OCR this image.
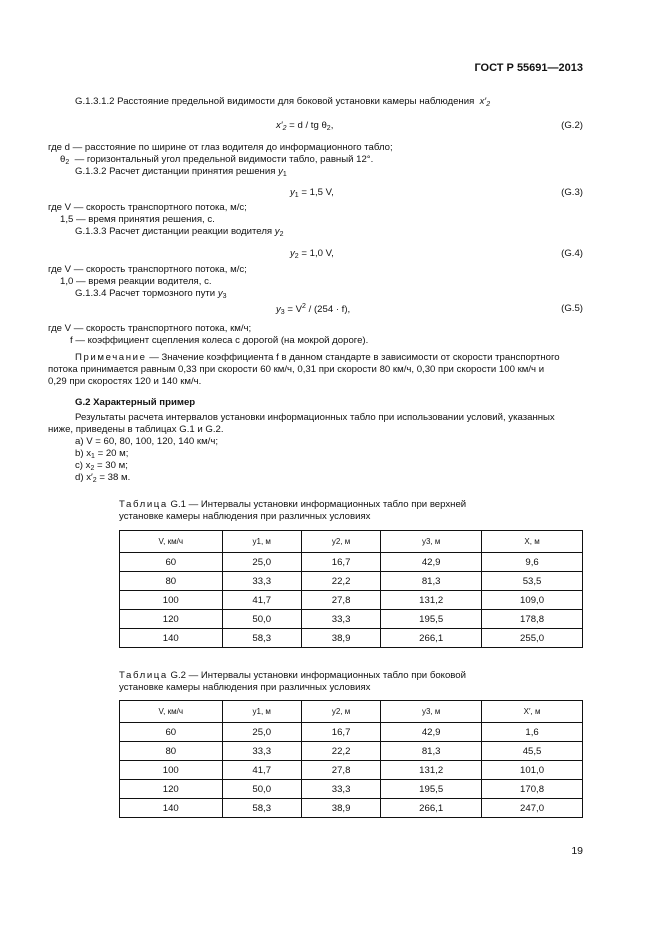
ГОСТ Р 55691—2013
G.1.3.1.2 Расстояние предельной видимости для боковой установки камеры наблюдения  $x'_2$
$x'_2 = d$ / tg $\theta_2$,	(G.2)
где d — расстояние по ширине от глаз водителя до информационного табло;
$\theta_2$ — горизонтальный угол предельной видимости табло, равный 12°.
G.1.3.2 Расчет дистанции принятия решения $y_1$
$y_1 = 1,5$ V,	(G.3)
где V — скорость транспортного потока, м/с;
1,5 — время принятия решения, с.
G.1.3.3 Расчет дистанции реакции водителя $y_2$
$y_2 = 1,0$ V,	(G.4)
где V — скорость транспортного потока, м/с;
1,0 — время реакции водителя, с.
G.1.3.4 Расчет тормозного пути $y_3$
$y_3 = V^2 / (254 \cdot f)$,	(G.5)
где V — скорость транспортного потока, км/ч;
f — коэффициент сцепления колеса с дорогой (на мокрой дороге).
Примечание — Значение коэффициента f в данном стандарте в зависимости от скорости транспортного
потока принимается равным 0,33 при скорости 60 км/ч, 0,31 при скорости 80 км/ч, 0,30 при скорости 100 км/ч и
0,29 при скоростях 120 и 140 км/ч.
G.2 Характерный пример
Результаты расчета интервалов установки информационных табло при использовании условий, указанных
ниже, приведены в таблицах G.1 и G.2.
a) V = 60, 80, 100, 120, 140 км/ч;
b) $x_1 = 20$ м;
c) $x_2 = 30$ м;
d) $x'_2 = 38$ м.
Таблица G.1 — Интервалы установки информационных табло при верхней
установке камеры наблюдения при различных условиях
V, км/ч	y1, м	y2, м	y3, м	X, м
60	25,0	16,7	42,9	9,6
80	33,3	22,2	81,3	53,5
100	41,7	27,8	131,2	109,0
120	50,0	33,3	195,5	178,8
140	58,3	38,9	266,1	255,0
Таблица G.2 — Интервалы установки информационных табло при боковой
установке камеры наблюдения при различных условиях
V, км/ч	y1, м	y2, м	y3, м	X′, м
60	25,0	16,7	42,9	1,6
80	33,3	22,2	81,3	45,5
100	41,7	27,8	131,2	101,0
120	50,0	33,3	195,5	170,8
140	58,3	38,9	266,1	247,0
19
